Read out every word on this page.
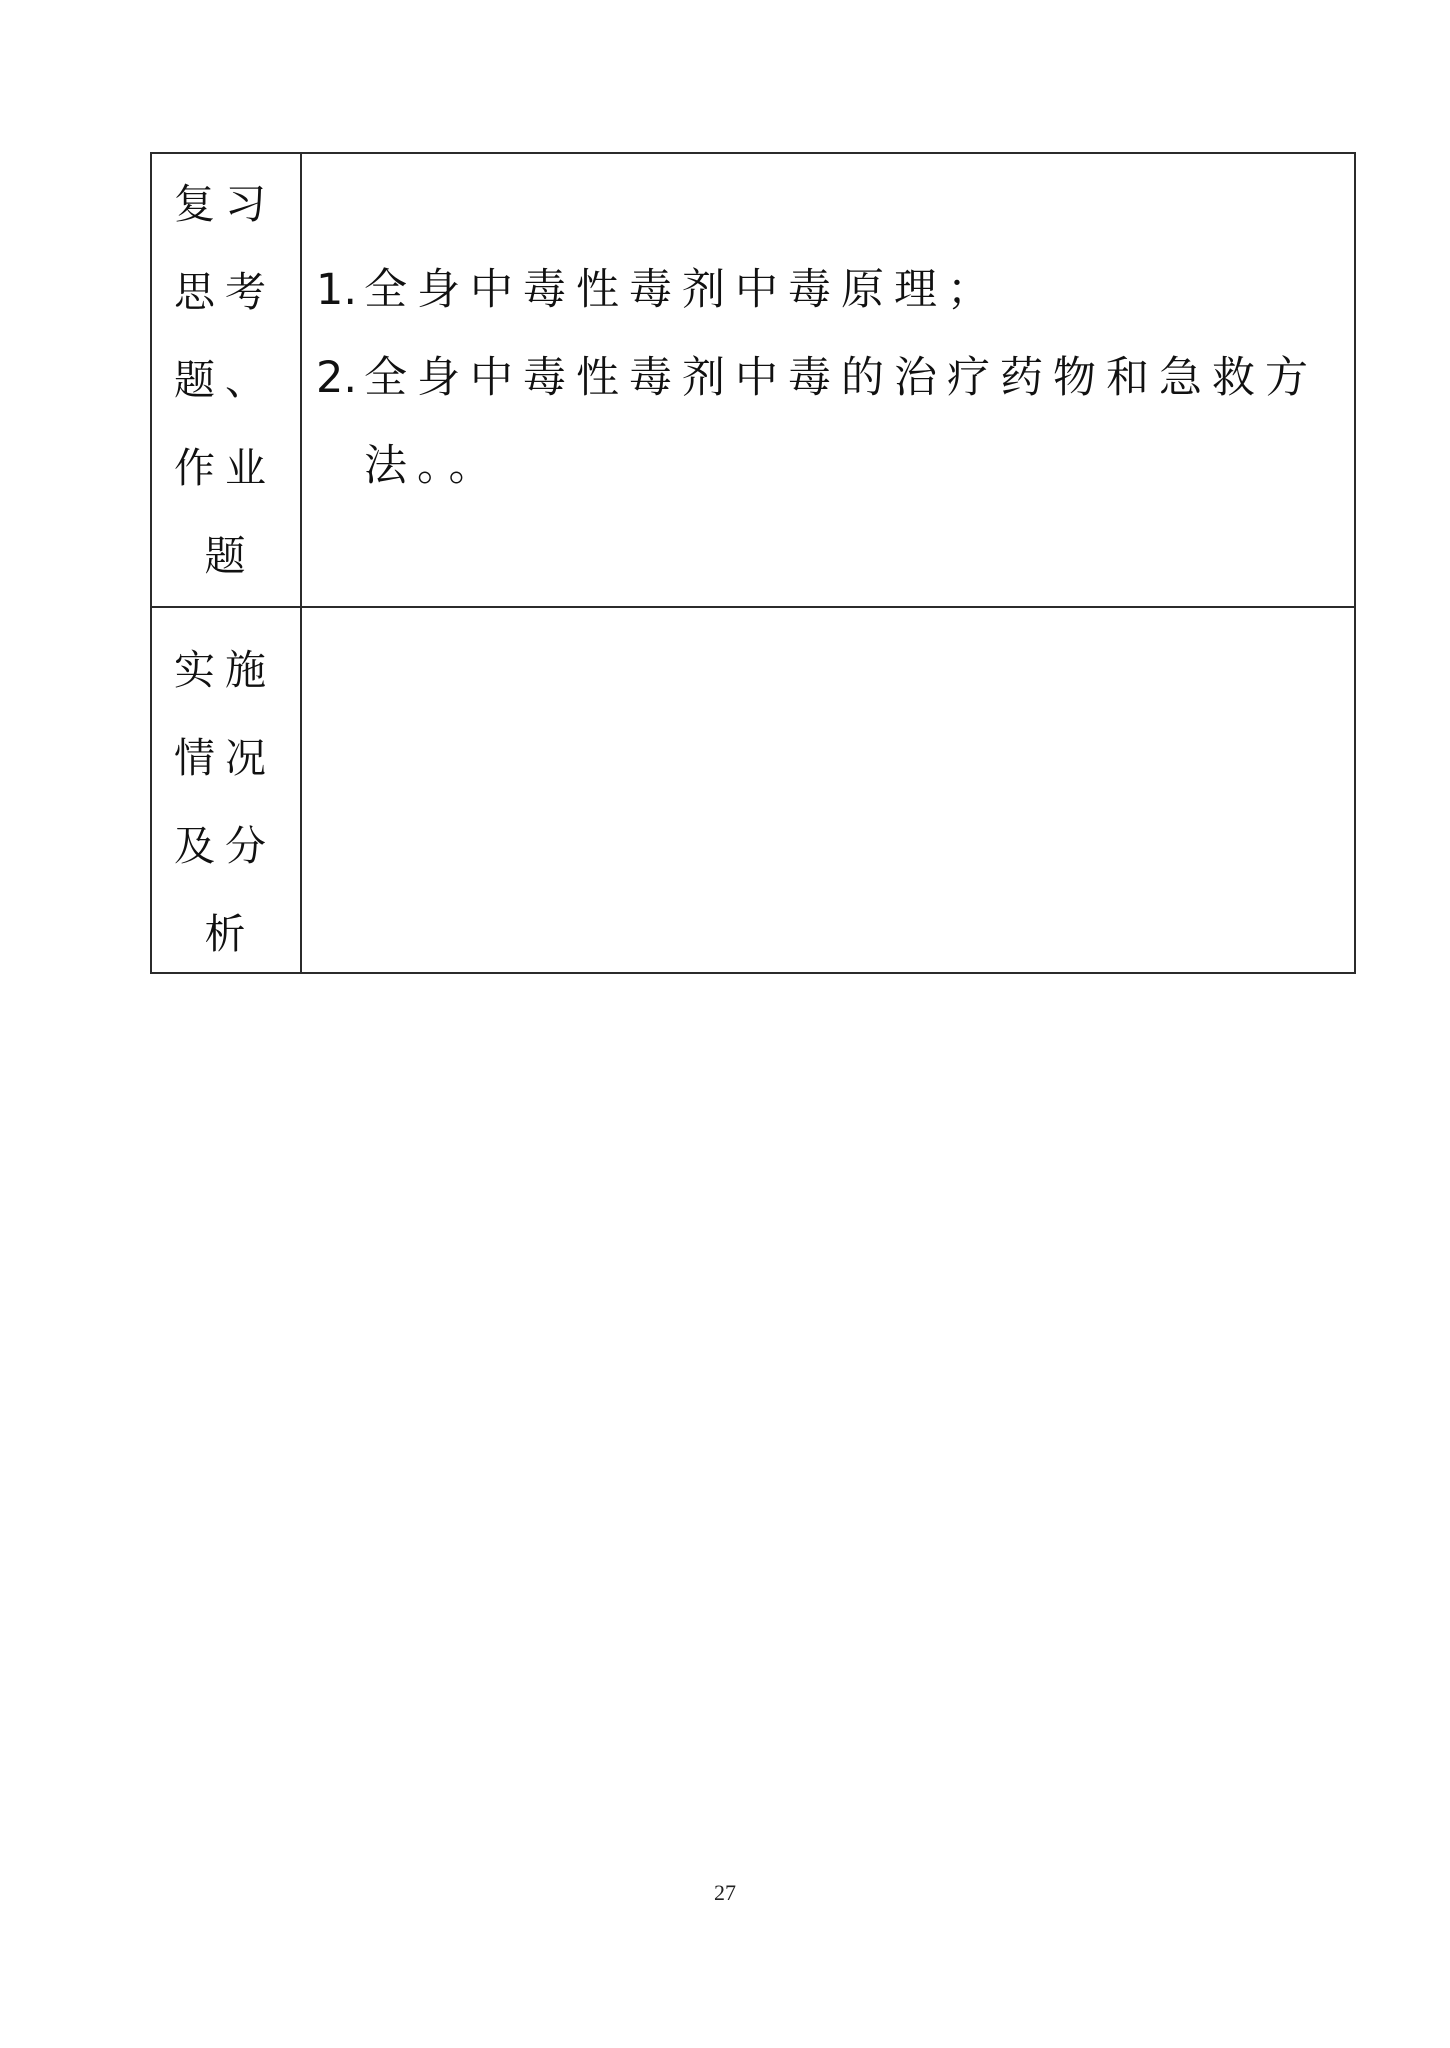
复习
思考
题、
作业
题
1. 全身中毒性毒剂中毒原理；
2. 全身中毒性毒剂中毒的治疗药物和急救方法。。
实施
情况
及分
析
27
